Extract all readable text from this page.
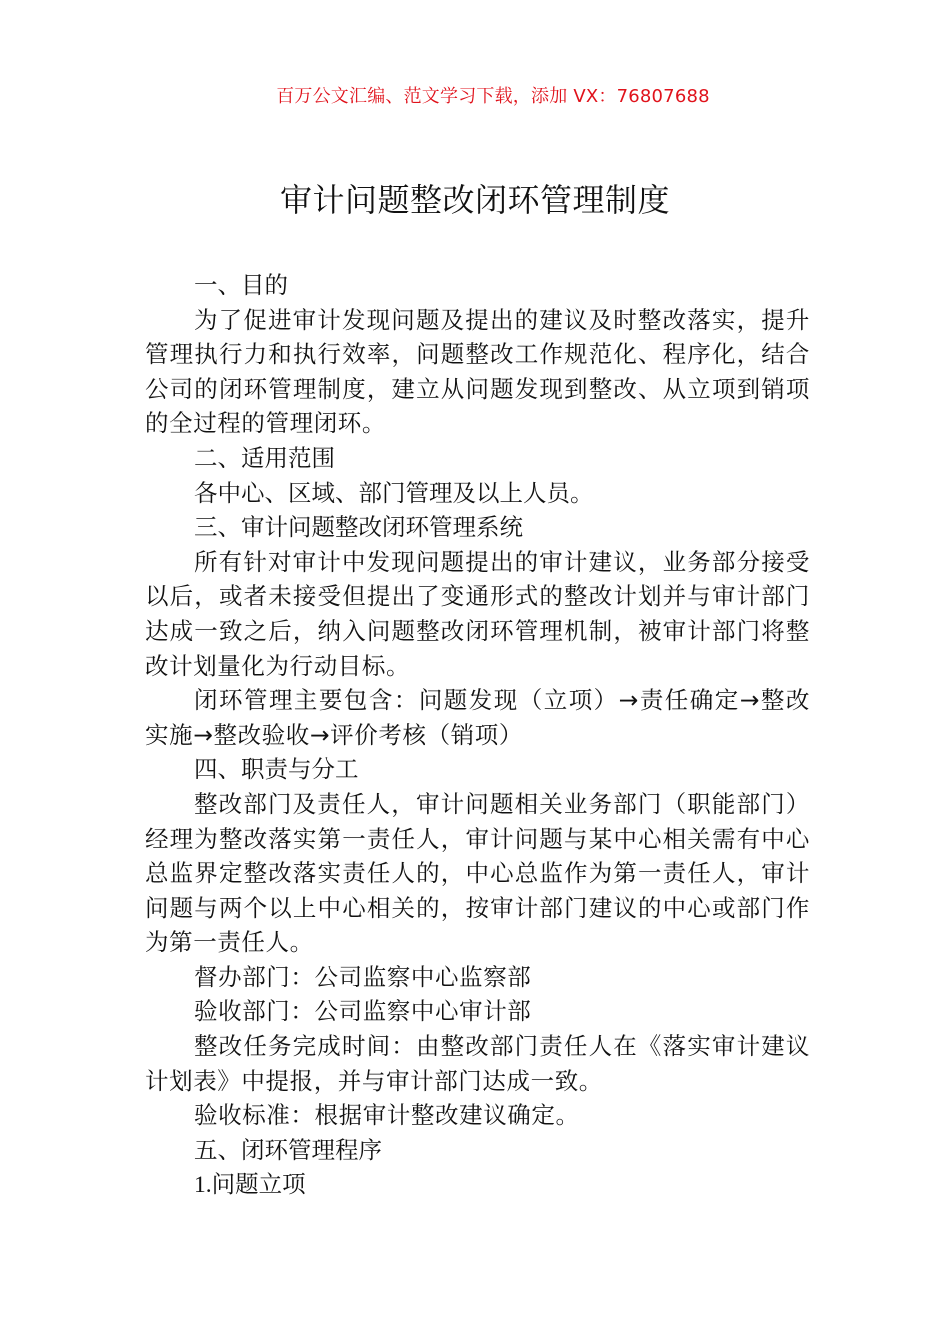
百万公文汇编、范文学习下载，添加 VX：76807688
审计问题整改闭环管理制度

一、目的

为了促进审计发现问题及提出的建议及时整改落实，提升管理执行力和执行效率，问题整改工作规范化、程序化，结合公司的闭环管理制度，建立从问题发现到整改、从立项到销项的全过程的管理闭环。

二、适用范围

各中心、区域、部门管理及以上人员。

三、审计问题整改闭环管理系统

所有针对审计中发现问题提出的审计建议，业务部分接受以后，或者未接受但提出了变通形式的整改计划并与审计部门达成一致之后，纳入问题整改闭环管理机制，被审计部门将整改计划量化为行动目标。

闭环管理主要包含：问题发现（立项）→责任确定→整改实施→整改验收→评价考核（销项）

四、职责与分工

整改部门及责任人，审计问题相关业务部门（职能部门）经理为整改落实第一责任人，审计问题与某中心相关需有中心总监界定整改落实责任人的，中心总监作为第一责任人，审计问题与两个以上中心相关的，按审计部门建议的中心或部门作为第一责任人。

督办部门：公司监察中心监察部

验收部门：公司监察中心审计部

整改任务完成时间：由整改部门责任人在《落实审计建议计划表》中提报，并与审计部门达成一致。

验收标准：根据审计整改建议确定。

五、闭环管理程序

1.问题立项
